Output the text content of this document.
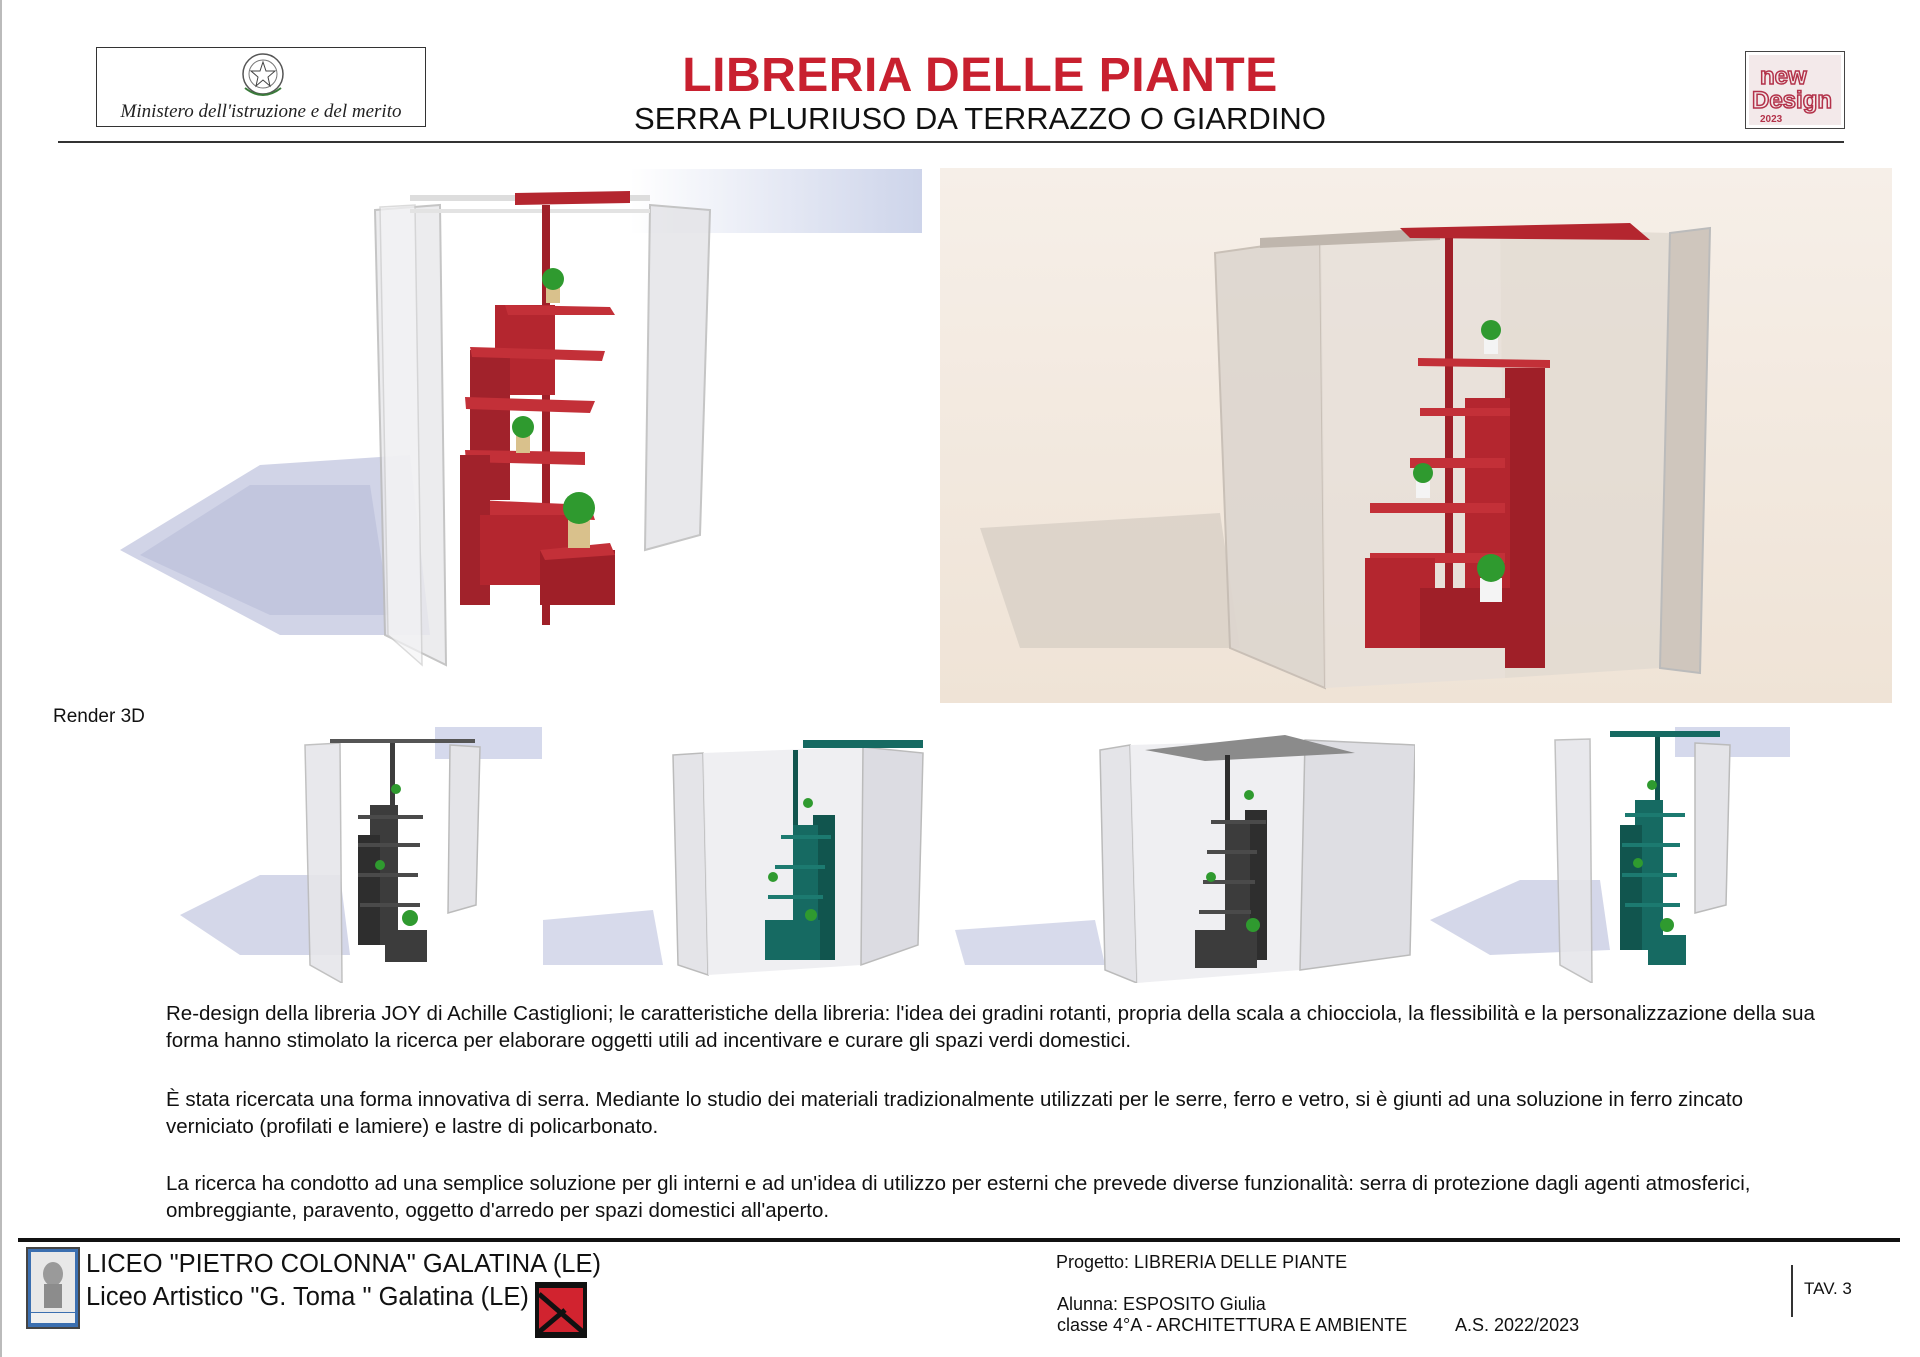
Ministero dell'istruzione e del merito
LIBRERIA DELLE PIANTE
SERRA PLURIUSO DA TERRAZZO O GIARDINO
new
Design
2023
Render 3D
Re-design della libreria JOY di Achille Castiglioni; le caratteristiche della libreria: l'idea dei gradini rotanti, propria della scala a chiocciola, la flessibilità e la personalizzazione della sua forma hanno stimolato la ricerca per elaborare oggetti utili ad incentivare e curare gli spazi verdi domestici.
È stata ricercata una forma innovativa di serra. Mediante lo studio dei materiali tradizionalmente utilizzati per le serre, ferro e vetro, si è giunti ad una soluzione in ferro zincato verniciato (profilati e lamiere) e lastre di policarbonato.
La ricerca ha condotto ad una semplice soluzione per gli interni e ad un'idea di utilizzo per esterni che prevede diverse funzionalità: serra di protezione dagli agenti atmosferici, ombreggiante, paravento, oggetto d'arredo per spazi domestici all'aperto.
LICEO "PIETRO COLONNA" GALATINA (LE)
Liceo Artistico "G. Toma " Galatina (LE)
Progetto: LIBRERIA DELLE PIANTE
Alunna: ESPOSITO Giulia
classe 4°A - ARCHITETTURA E AMBIENTE	A.S. 2022/2023
TAV. 3
